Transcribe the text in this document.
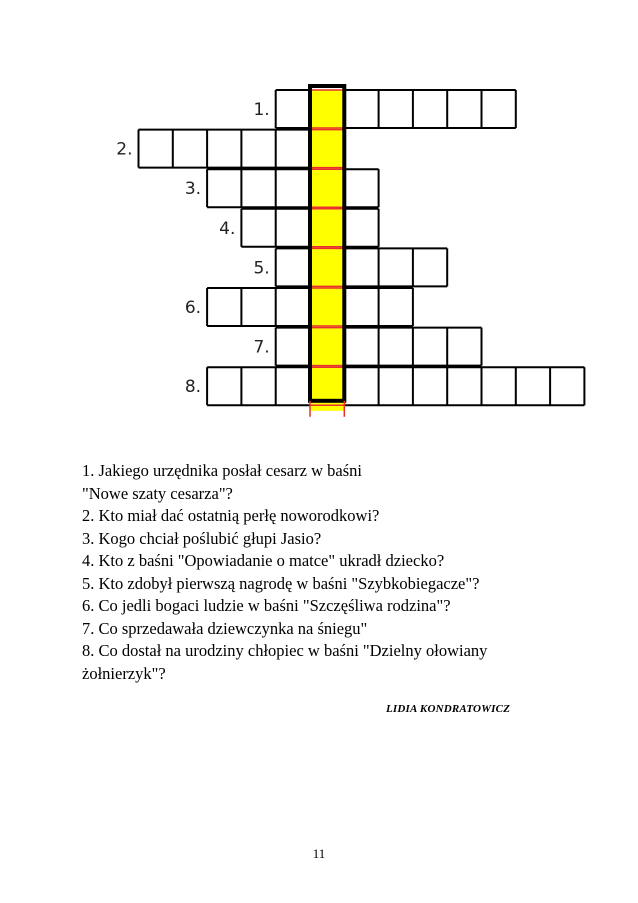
1.
2.
3.
4.
5.
6.
7.
8.

1. Jakiego urzędnika posłał cesarz w baśni

"Nowe szaty cesarza"?

2. Kto miał dać ostatnią perłę noworodkowi?

3. Kogo chciał poślubić głupi Jasio?

4. Kto z baśni "Opowiadanie o matce" ukradł dziecko?

5. Kto zdobył pierwszą nagrodę w baśni "Szybkobiegacze"?

6. Co jedli bogaci ludzie w baśni "Szczęśliwa rodzina"?

7. Co sprzedawała dziewczynka na śniegu"

8. Co dostał na urodziny chłopiec w baśni "Dzielny ołowiany

żołnierzyk"?

LIDIA KONDRATOWICZ
11
